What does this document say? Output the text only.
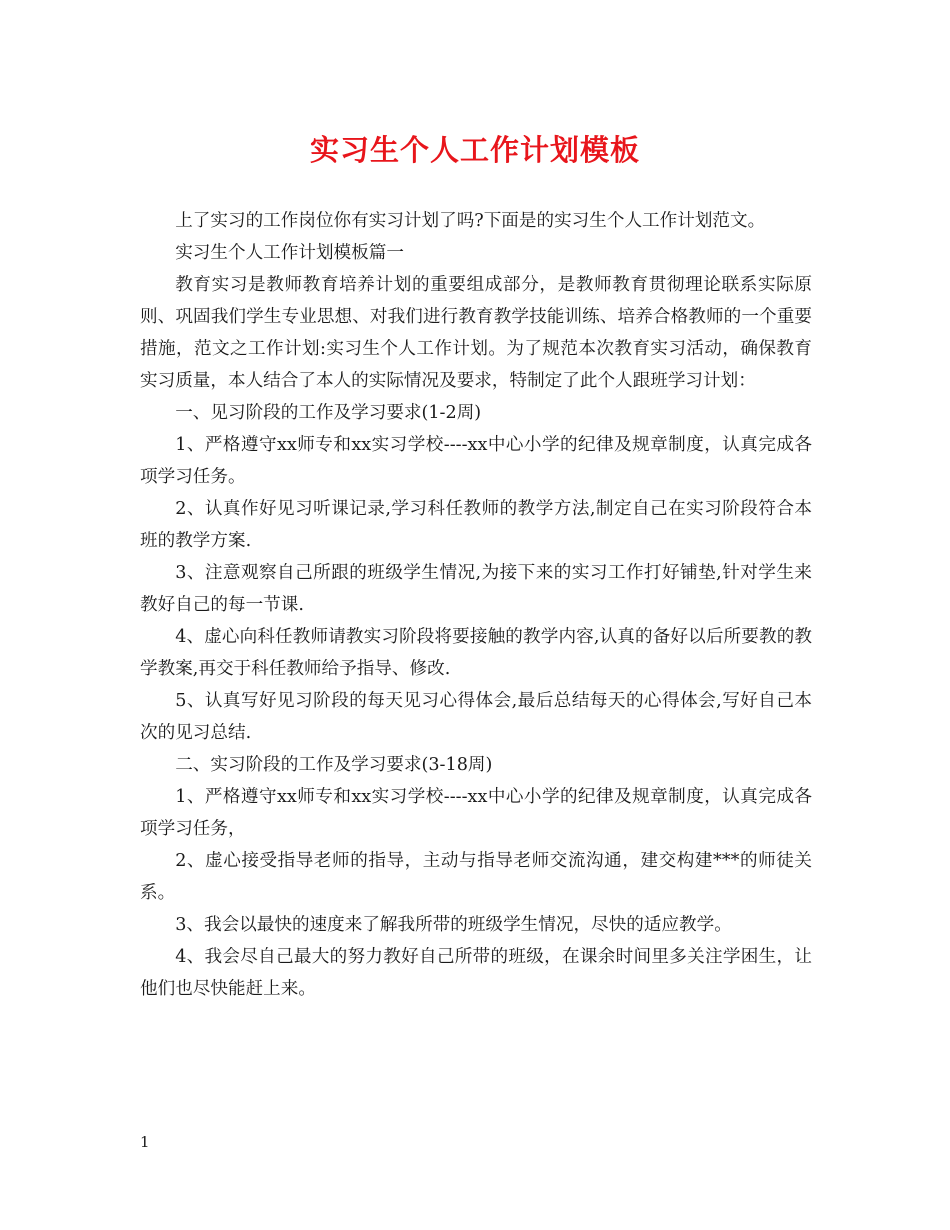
实习生个人工作计划模板

上了实习的工作岗位你有实习计划了吗?下面是的实习生个人工作计划范文。

实习生个人工作计划模板篇一

教育实习是教师教育培养计划的重要组成部分，是教师教育贯彻理论联系实际原则、巩固我们学生专业思想、对我们进行教育教学技能训练、培养合格教师的一个重要措施，范文之工作计划:实习生个人工作计划。为了规范本次教育实习活动，确保教育实习质量，本人结合了本人的实际情况及要求，特制定了此个人跟班学习计划：

一、见习阶段的工作及学习要求(1-2周)

1、严格遵守xx师专和xx实习学校----xx中心小学的纪律及规章制度，认真完成各项学习任务。

2、认真作好见习听课记录,学习科任教师的教学方法,制定自己在实习阶段符合本班的教学方案.

3、注意观察自己所跟的班级学生情况,为接下来的实习工作打好铺垫,针对学生来教好自己的每一节课.

4、虚心向科任教师请教实习阶段将要接触的教学内容,认真的备好以后所要教的教学教案,再交于科任教师给予指导、修改.

5、认真写好见习阶段的每天见习心得体会,最后总结每天的心得体会,写好自己本次的见习总结.

二、实习阶段的工作及学习要求(3-18周)

1、严格遵守xx师专和xx实习学校----xx中心小学的纪律及规章制度，认真完成各项学习任务，

2、虚心接受指导老师的指导，主动与指导老师交流沟通，建交构建***的师徒关系。

3、我会以最快的速度来了解我所带的班级学生情况，尽快的适应教学。

4、我会尽自己最大的努力教好自己所带的班级，在课余时间里多关注学困生，让他们也尽快能赶上来。

1
